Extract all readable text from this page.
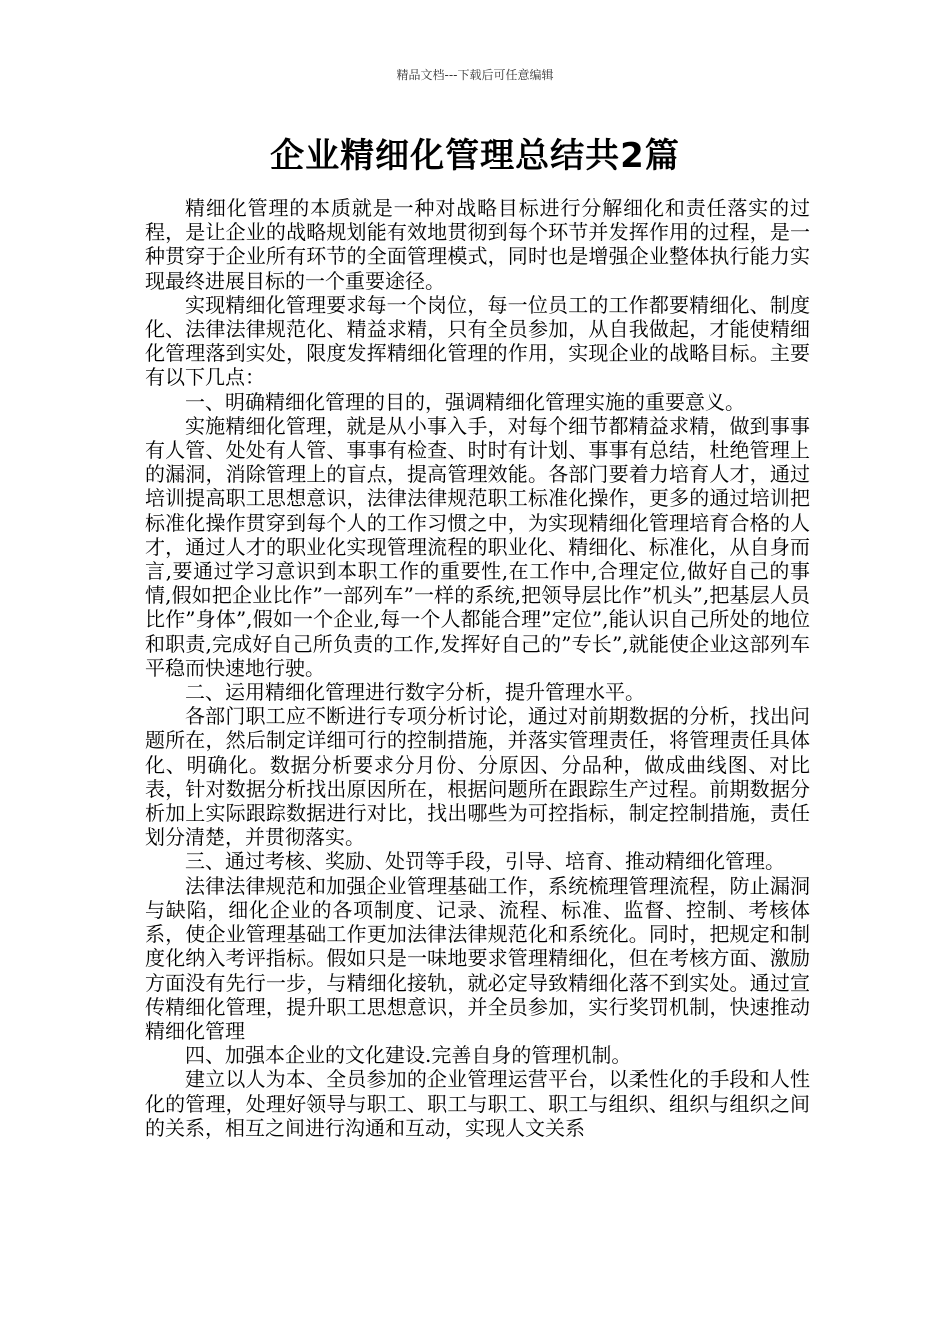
精品文档---下载后可任意编辑
企业精细化管理总结共2篇

精细化管理的本质就是一种对战略目标进行分解细化和责任落实的过程，是让企业的战略规划能有效地贯彻到每个环节并发挥作用的过程，是一种贯穿于企业所有环节的全面管理模式，同时也是增强企业整体执行能力实现最终进展目标的一个重要途径。

实现精细化管理要求每一个岗位，每一位员工的工作都要精细化、制度化、法律法律规范化、精益求精，只有全员参加，从自我做起，才能使精细化管理落到实处，限度发挥精细化管理的作用，实现企业的战略目标。主要有以下几点：

一、明确精细化管理的目的，强调精细化管理实施的重要意义。

实施精细化管理，就是从小事入手，对每个细节都精益求精，做到事事有人管、处处有人管、事事有检查、时时有计划、事事有总结，杜绝管理上的漏洞，消除管理上的盲点，提高管理效能。各部门要着力培育人才，通过培训提高职工思想意识，法律法律规范职工标准化操作，更多的通过培训把标准化操作贯穿到每个人的工作习惯之中，为实现精细化管理培育合格的人才，通过人才的职业化实现管理流程的职业化、精细化、标准化，从自身而言,要通过学习意识到本职工作的重要性,在工作中,合理定位,做好自己的事情,假如把企业比作”一部列车”一样的系统,把领导层比作”机头”,把基层人员比作”身体”,假如一个企业,每一个人都能合理”定位”,能认识自己所处的地位和职责,完成好自己所负责的工作,发挥好自己的”专长”,就能使企业这部列车平稳而快速地行驶。

二、运用精细化管理进行数字分析，提升管理水平。

各部门职工应不断进行专项分析讨论，通过对前期数据的分析，找出问题所在，然后制定详细可行的控制措施，并落实管理责任，将管理责任具体化、明确化。数据分析要求分月份、分原因、分品种，做成曲线图、对比表，针对数据分析找出原因所在，根据问题所在跟踪生产过程。前期数据分析加上实际跟踪数据进行对比，找出哪些为可控指标，制定控制措施，责任划分清楚，并贯彻落实。

三、通过考核、奖励、处罚等手段，引导、培育、推动精细化管理。

法律法律规范和加强企业管理基础工作，系统梳理管理流程，防止漏洞与缺陷，细化企业的各项制度、记录、流程、标准、监督、控制、考核体系，使企业管理基础工作更加法律法律规范化和系统化。同时，把规定和制度化纳入考评指标。假如只是一味地要求管理精细化，但在考核方面、激励方面没有先行一步，与精细化接轨，就必定导致精细化落不到实处。通过宣传精细化管理，提升职工思想意识，并全员参加，实行奖罚机制，快速推动精细化管理

四、加强本企业的文化建设.完善自身的管理机制。

建立以人为本、全员参加的企业管理运营平台，以柔性化的手段和人性化的管理，处理好领导与职工、职工与职工、职工与组织、组织与组织之间的关系，相互之间进行沟通和互动，实现人文关系
